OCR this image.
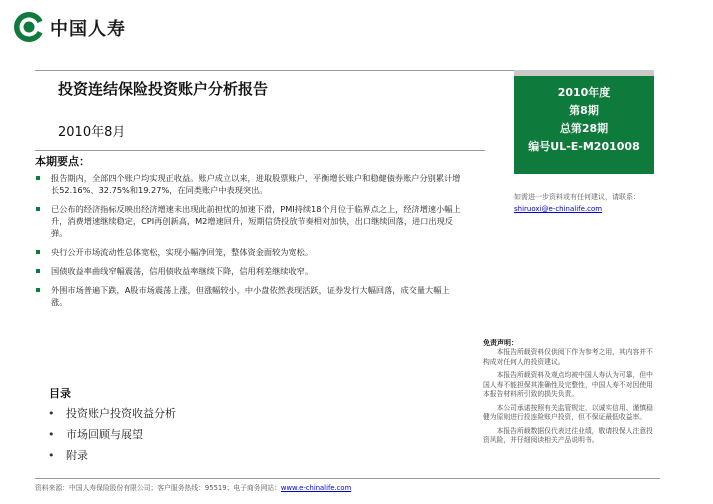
中国人寿
投资连结保险投资账户分析报告
2010年8月
2010年度
第8期
总第28期
编号UL-E-M201008
如需进一步资料或有任何建议，请联系：
shiruoxi@e-chinalife.com
本期要点：
报告期内，全部四个账户均实现正收益。账户成立以来，进取股票账户、平衡增长账户和稳健债券账户分别累计增长52.16%、32.75%和19.27%，在同类账户中表现突出。
已公布的经济指标反映出经济增速未出现此前担忧的加速下滑，PMI持续18个月位于临界点之上，经济增速小幅上升，消费增速继续稳定，CPI再创新高，M2增速回升，短期信贷投放节奏相对加快，出口继续回落，进口出现反弹。
央行公开市场流动性总体宽松，实现小幅净回笼，整体资金面较为宽松。
国债收益率曲线窄幅震荡，信用债收益率继续下降，信用利差继续收窄。
外围市场普遍下跌，A股市场震荡上涨，但涨幅较小，中小盘依然表现活跃，证券发行大幅回落，成交量大幅上涨。
目录
• 投资账户投资收益分析
• 市场回顾与展望
• 附录
免责声明：

本报告所载资料仅供阅下作为参考之用，其内容并不构成对任何人的投资建议。

本报告所载资料及观点均被中国人寿认为可靠，但中国人寿不能担保其准确性及完整性，中国人寿不对因使用本报告材料所引致的损失负责。

本公司承诺按照有关监管规定，以诚实信用、谨慎稳健为原则进行投连险账户投资，但不保证最低收益率。

本报告所载数据仅代表过往业绩，敬请投保人注意投资风险，并仔细阅读相关产品说明书。

资料来源：中国人寿保险股份有限公司；客户服务热线：95519；电子商务网站：www.e-chinalife.com
